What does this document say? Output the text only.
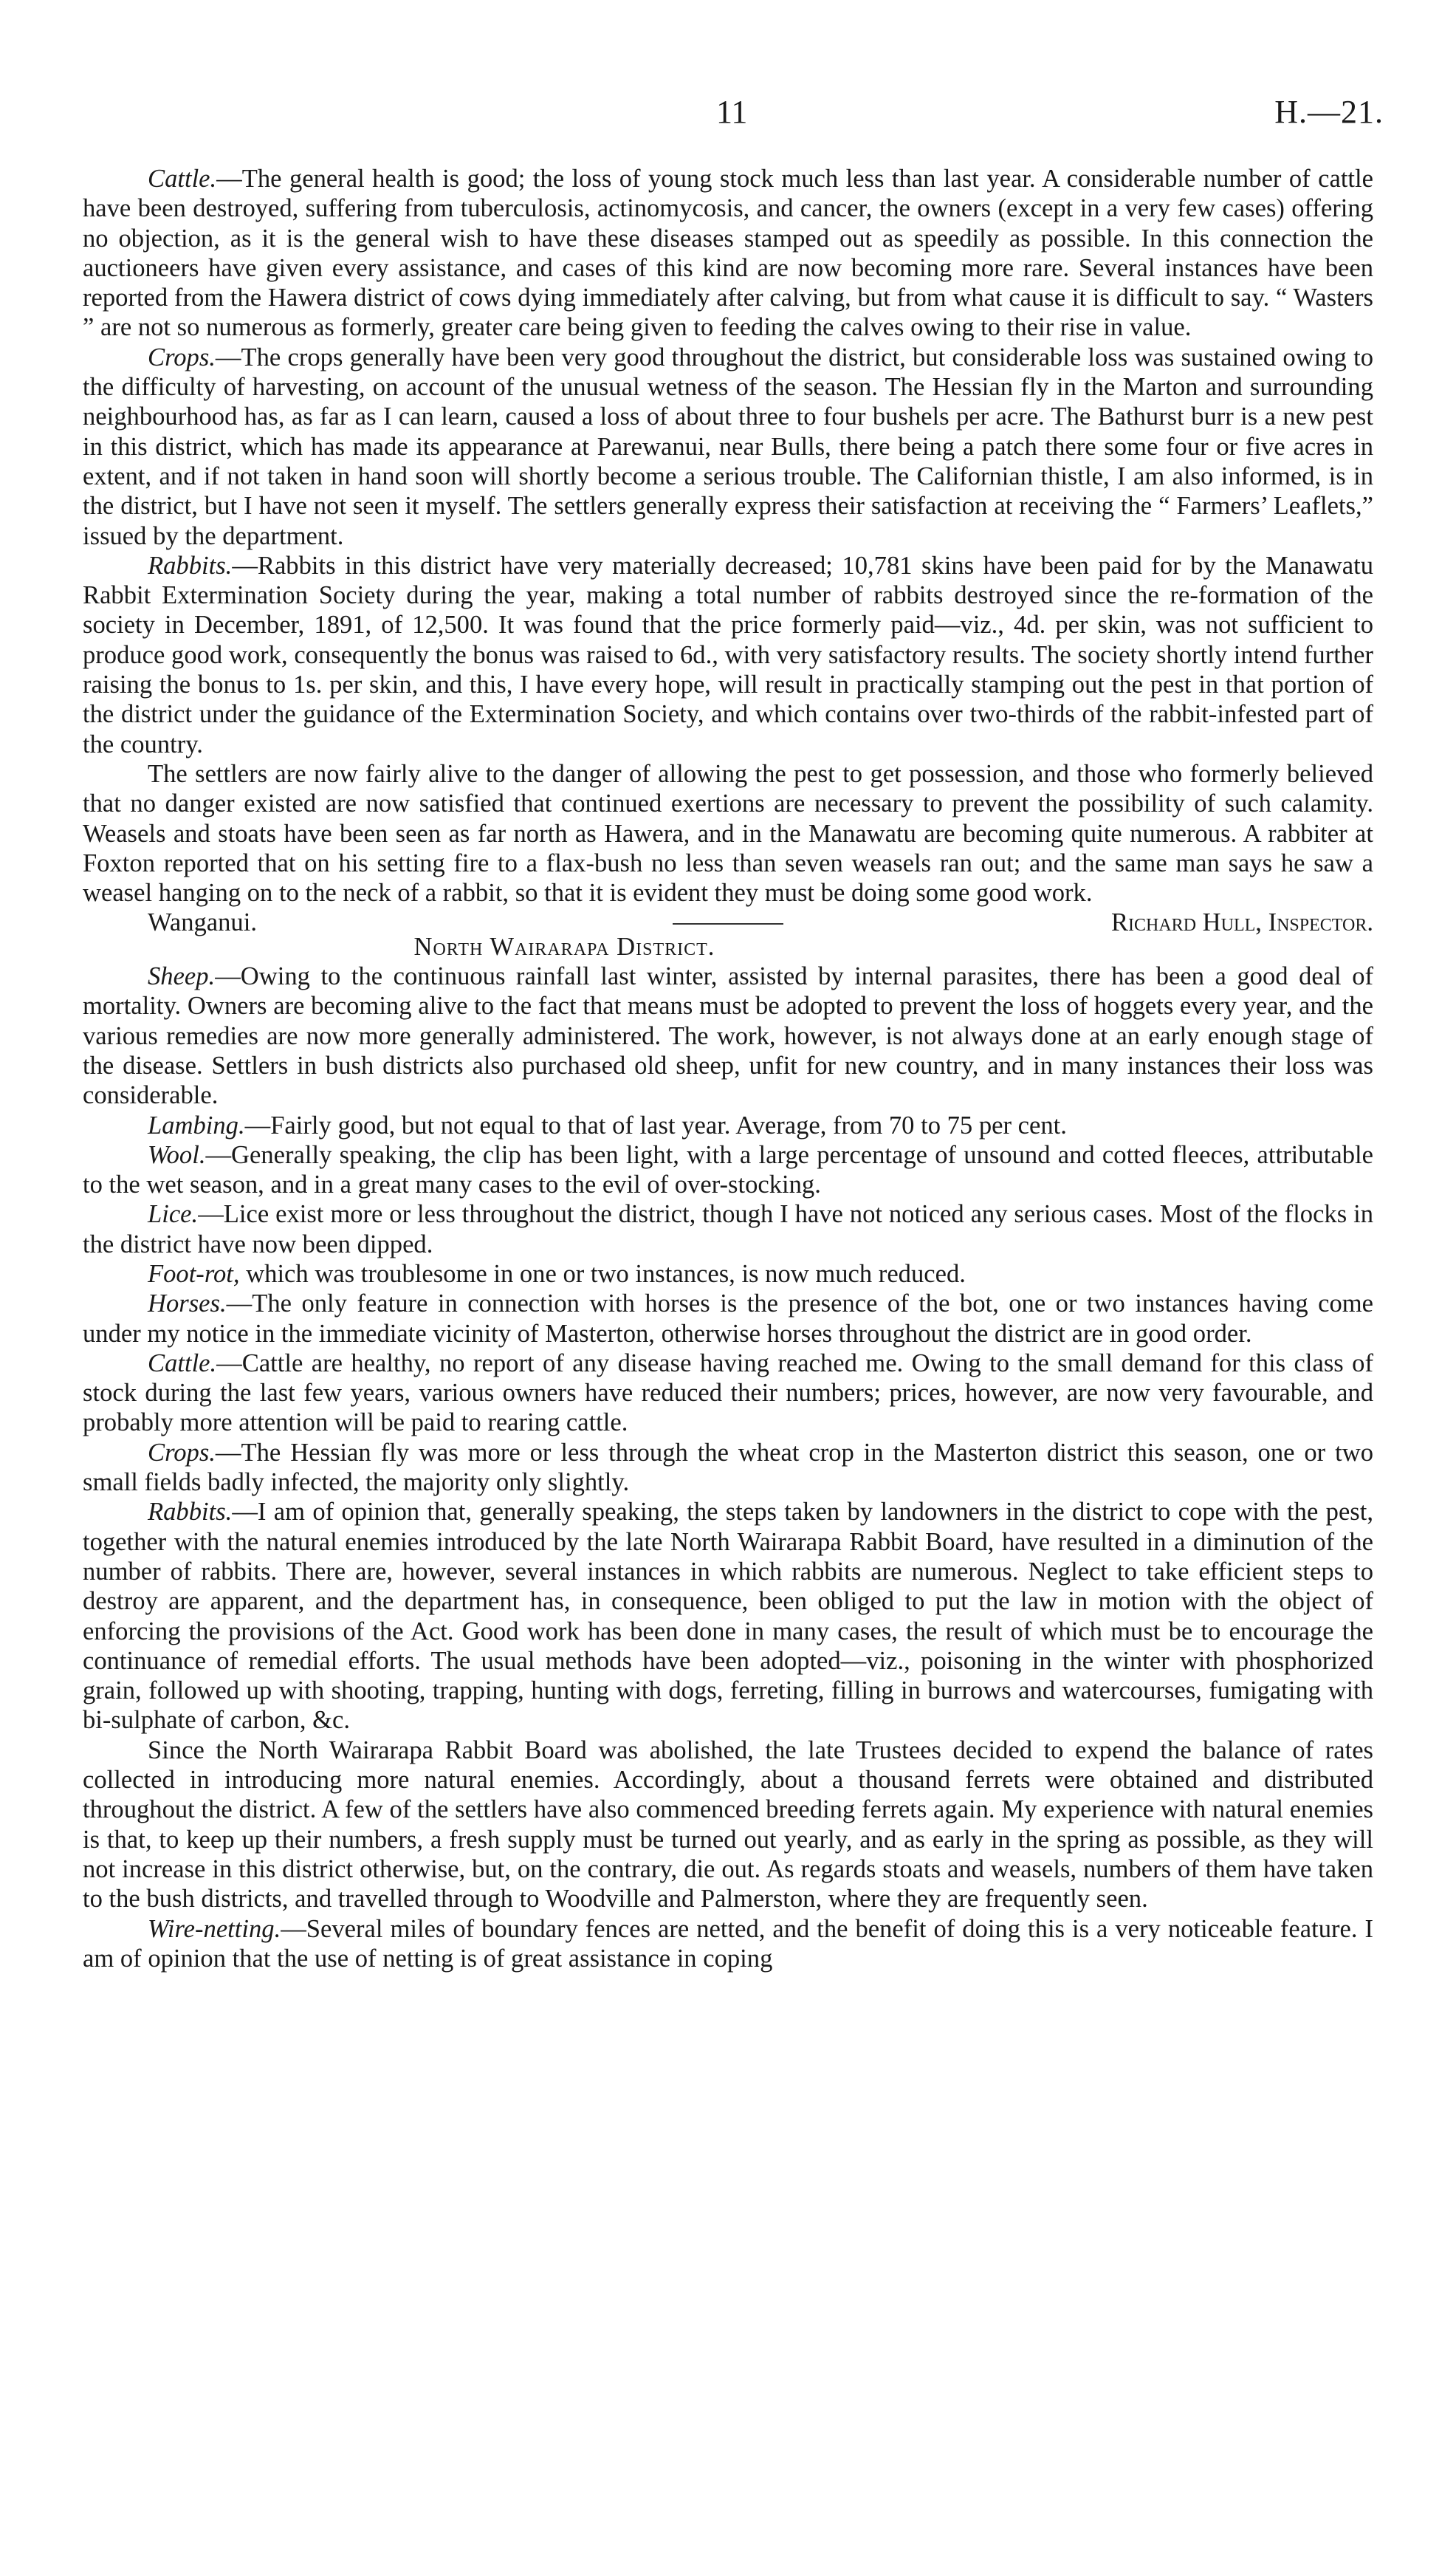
11	H.—21.

Cattle.—The general health is good; the loss of young stock much less than last year. A considerable number of cattle have been destroyed, suffering from tuberculosis, actinomycosis, and cancer, the owners (except in a very few cases) offering no objection, as it is the general wish to have these diseases stamped out as speedily as possible. In this connection the auctioneers have given every assistance, and cases of this kind are now becoming more rare. Several instances have been reported from the Hawera district of cows dying immediately after calving, but from what cause it is difficult to say. “ Wasters ” are not so numerous as formerly, greater care being given to feeding the calves owing to their rise in value.

Crops.—The crops generally have been very good throughout the district, but considerable loss was sustained owing to the difficulty of harvesting, on account of the unusual wetness of the season. The Hessian fly in the Marton and surrounding neighbourhood has, as far as I can learn, caused a loss of about three to four bushels per acre. The Bathurst burr is a new pest in this district, which has made its appearance at Parewanui, near Bulls, there being a patch there some four or five acres in extent, and if not taken in hand soon will shortly become a serious trouble. The Californian thistle, I am also informed, is in the district, but I have not seen it myself. The settlers generally express their satisfaction at receiving the “ Farmers’ Leaflets,” issued by the department.

Rabbits.—Rabbits in this district have very materially decreased; 10,781 skins have been paid for by the Manawatu Rabbit Extermination Society during the year, making a total number of rabbits destroyed since the re-formation of the society in December, 1891, of 12,500. It was found that the price formerly paid—viz., 4d. per skin, was not sufficient to produce good work, consequently the bonus was raised to 6d., with very satisfactory results. The society shortly intend further raising the bonus to 1s. per skin, and this, I have every hope, will result in practically stamping out the pest in that portion of the district under the guidance of the Extermination Society, and which contains over two-thirds of the rabbit-infested part of the country.

The settlers are now fairly alive to the danger of allowing the pest to get possession, and those who formerly believed that no danger existed are now satisfied that continued exertions are necessary to prevent the possibility of such calamity. Weasels and stoats have been seen as far north as Hawera, and in the Manawatu are becoming quite numerous. A rabbiter at Foxton reported that on his setting fire to a flax-bush no less than seven weasels ran out; and the same man says he saw a weasel hanging on to the neck of a rabbit, so that it is evident they must be doing some good work.
Richard Hull, Inspector.

Wanganui.

North Wairarapa District.

Sheep.—Owing to the continuous rainfall last winter, assisted by internal parasites, there has been a good deal of mortality. Owners are becoming alive to the fact that means must be adopted to prevent the loss of hoggets every year, and the various remedies are now more generally administered. The work, however, is not always done at an early enough stage of the disease. Settlers in bush districts also purchased old sheep, unfit for new country, and in many instances their loss was considerable.

Lambing.—Fairly good, but not equal to that of last year. Average, from 70 to 75 per cent.

Wool.—Generally speaking, the clip has been light, with a large percentage of unsound and cotted fleeces, attributable to the wet season, and in a great many cases to the evil of over-stocking.

Lice.—Lice exist more or less throughout the district, though I have not noticed any serious cases. Most of the flocks in the district have now been dipped.

Foot-rot, which was troublesome in one or two instances, is now much reduced.

Horses.—The only feature in connection with horses is the presence of the bot, one or two instances having come under my notice in the immediate vicinity of Masterton, otherwise horses throughout the district are in good order.

Cattle.—Cattle are healthy, no report of any disease having reached me. Owing to the small demand for this class of stock during the last few years, various owners have reduced their numbers; prices, however, are now very favourable, and probably more attention will be paid to rearing cattle.

Crops.—The Hessian fly was more or less through the wheat crop in the Masterton district this season, one or two small fields badly infected, the majority only slightly.

Rabbits.—I am of opinion that, generally speaking, the steps taken by landowners in the district to cope with the pest, together with the natural enemies introduced by the late North Wairarapa Rabbit Board, have resulted in a diminution of the number of rabbits. There are, however, several instances in which rabbits are numerous. Neglect to take efficient steps to destroy are apparent, and the department has, in consequence, been obliged to put the law in motion with the object of enforcing the provisions of the Act. Good work has been done in many cases, the result of which must be to encourage the continuance of remedial efforts. The usual methods have been adopted—viz., poisoning in the winter with phosphorized grain, followed up with shooting, trapping, hunting with dogs, ferreting, filling in burrows and watercourses, fumigating with bi-sulphate of carbon, &c.

Since the North Wairarapa Rabbit Board was abolished, the late Trustees decided to expend the balance of rates collected in introducing more natural enemies. Accordingly, about a thousand ferrets were obtained and distributed throughout the district. A few of the settlers have also commenced breeding ferrets again. My experience with natural enemies is that, to keep up their numbers, a fresh supply must be turned out yearly, and as early in the spring as possible, as they will not increase in this district otherwise, but, on the contrary, die out. As regards stoats and weasels, numbers of them have taken to the bush districts, and travelled through to Woodville and Palmerston, where they are frequently seen.

Wire-netting.—Several miles of boundary fences are netted, and the benefit of doing this is a very noticeable feature. I am of opinion that the use of netting is of great assistance in coping
